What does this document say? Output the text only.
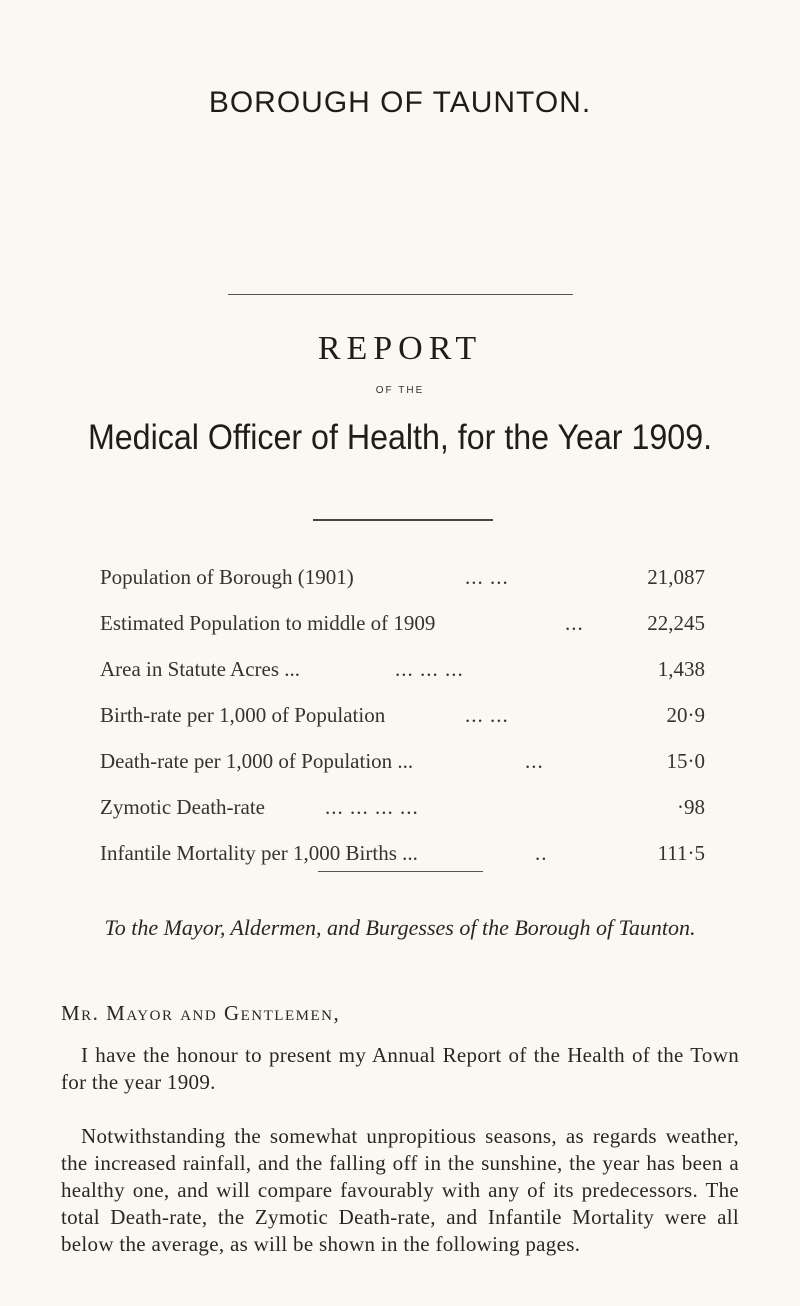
BOROUGH OF TAUNTON.
REPORT
OF THE
Medical Officer of Health, for the Year 1909.
Population of Borough (1901)	... ...	21,087
Estimated Population to middle of 1909	...	22,245
Area in Statute Acres ...	... ... ...	1,438
Birth-rate per 1,000 of Population	... ...	20·9
Death-rate per 1,000 of Population ...	...	15·0
Zymotic Death-rate	... ... ... ...	·98
Infantile Mortality per 1,000 Births ...	..	111·5
To the Mayor, Aldermen, and Burgesses of the Borough of Taunton.
Mr. Mayor and Gentlemen,
I have the honour to present my Annual Report of the Health of the Town for the year 1909.
Notwithstanding the somewhat unpropitious seasons, as regards weather, the increased rainfall, and the falling off in the sunshine, the year has been a healthy one, and will compare favourably with any of its predecessors. The total Death-rate, the Zymotic Death-rate, and Infantile Mortality were all below the average, as will be shown in the following pages.
